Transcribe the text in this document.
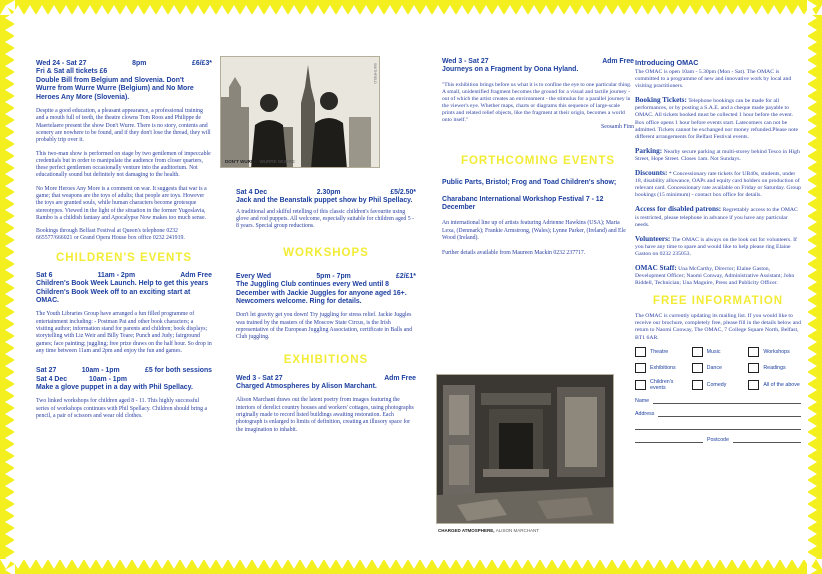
Wed 24 - Sat 27	8pm	£6/£3*
Fri & Sat all tickets £6
Double Bill from Belgium and Slovenia. Don't
Wurre from Wurre Wurre (Belgium) and No More
Heroes Any More (Slovenia).

Despite a good education, a pleasant appearance, a professional training and a mouth full of teeth, the theatre clowns Tom Roos and Philippe de Maertelaere present the show Don't Wurre. There is no story, contents and scenery are nowhere to be found, and if they don't lose the thread, they will probably trip over it.

This two-man show is performed on stage by two gentlemen of impeccable credentials but in order to manipulate the audience from closer quarters, these perfect gentlemen occasionally venture into the auditorium. Not educationally sound but definitely not damaging to the health.

No More Heroes Any More is a comment on war. It suggests that war is a game; that weapons are the toys of adults; that people are toys. However the toys are granted souls, while human characters become grotesque stereotypes. Viewed in the light of the situation in the former Yugoslavia, Rambo is a childish fantasy and Apocalypse Now makes too much sense.

Bookings through Belfast Festival at Queen's telephone 0232 665577/666021 or Grand Opera House box office 0232 241919.

CHILDREN'S EVENTS
Sat 6	11am - 2pm	Adm Free
Children's Book Week Launch. Help to get this years Children's Book Week off to an exciting start at OMAC.

The Youth Libraries Group have arranged a fun filled programme of entertainment including: - Postman Pat and other book characters; a visiting author; information stand for parents and children; book displays; storytelling with Liz Weir and Billy Teare; Punch and Judy; fairground games; face painting; juggling; free prize draws on the half hour. So drop in any time between 11am and 2pm and enjoy the fun and games.

Sat 27	10am - 1pm	£5 for both sessions
Sat 4 Dec	10am - 1pm
Make a glove puppet in a day with Phil Spellacy.

Two linked workshops for children aged 8 - 11. This highly successful series of workshops continues with Phil Spellacy. Children should bring a pencil, a pair of scissors and wear old clothes.

DON'T WURRE, WURRE WURRE
SMITHFIELD
Sat 4 Dec	2.30pm	£5/2.50*
Jack and the Beanstalk puppet show by Phil Spellacy.

A traditional and skilful retelling of this classic children's favourite using glove and rod puppets. All welcome, especially suitable for children aged 5 - 8 years. Special group reductions.

WORKSHOPS
Every Wed	5pm - 7pm	£2/£1*
The Juggling Club continues every Wed until 8 December with Jackie Juggles for anyone aged 16+. Newcomers welcome. Ring for details.

Don't let gravity get you down! Try juggling for stress relief. Jackie Juggles was trained by the masters of the Moscow State Circus, is the Irish representative of the European Juggling Association, certificate in Balls and Club juggling.

EXHIBITIONS
Wed 3 - Sat 27	Adm Free
Charged Atmospheres by Alison Marchant.

Alison Marchant draws out the latent poetry from images featuring the interiors of derelict country houses and workers' cottages, using photographs originally made to record listed buildings awaiting restoration. Each photograph is enlarged to limits of definition, creating an illusory space for the imagination to inhabit.

Wed 3 - Sat 27	Adm Free
Journeys on a Fragment by Oona Hyland.

"This exhibition brings before us what it is to confine the eye to one particular thing. A small, unidentified fragment becomes the ground for a visual and tactile journey - out of which the artist creates an environment - the stimulus for a parallel journey in the viewer's eye. Whether maps, charts or diagrams this sequence of large-scale prints and related relief objects, like the fragment at their origin, becomes a world onto itself."

Seosamh Finn

FORTHCOMING EVENTS
Public Parts, Bristol; Frog and Toad Children's show;
Charabanc International Workshop Festival 7 - 12 December

An international line up of artists featuring Adrienne Hawkins (USA); Maria Lexa, (Denmark); Frankie Armstrong, (Wales); Lynne Parker, (Ireland) and Ele Wood (Ireland).

Further details available from Maureen Mackin 0232 237717.

CHARGED ATMOSPHERE, ALISON MARCHANT
Introducing OMAC

The OMAC is open 10am - 5.30pm (Mon - Sat). The OMAC is committed to a programme of new and innovative work by local and visiting practitioners.

Booking Tickets: Telephone bookings can be made for all performances, or by posting a S.A.E. and a cheque made payable to OMAC. All tickets booked must be collected 1 hour before the event. Box office opens 1 hour before events start. Latecomers can not be admitted. Tickets cannot be exchanged nor money refunded.Please note different arrangements for Belfast Festival events.

Parking: Nearby secure parking at multi-storey behind Tesco in High Street, Hope Street. Closes 1am. Not Sundays.

Discounts: * Concessionary rate tickets for UB40s, students, under 18, disability allowance, OAPs and equity card holders on production of relevant card. Concessionary rate available on Friday or Saturday. Group bookings (15 minimum) - contact box office for details.

Access for disabled patrons: Regrettably access to the OMAC is restricted, please telephone in advance if you have any particular needs.

Volunteers: The OMAC is always on the look out for volunteers. If you have any time to spare and would like to help please ring Elaine Gaston on 0232 235053.

OMAC Staff: Una McCarthy, Director; Elaine Gaston, Development Officer; Naomi Conway, Administrative Assistant; John Riddell, Technician; Una Maguire, Press and Publicity Officer.

FREE INFORMATION

The OMAC is currently updating its mailing list. If you would like to receive our brochure, completely free, please fill in the details below and return to Naomi Conway, The OMAC, 7 College Square North, Belfast, BT1 6AR.

Theatre	Music	Workshops
Exhibitions	Dance	Readings
Children's events	Comedy	All of the above
Name
Address
Postcode
